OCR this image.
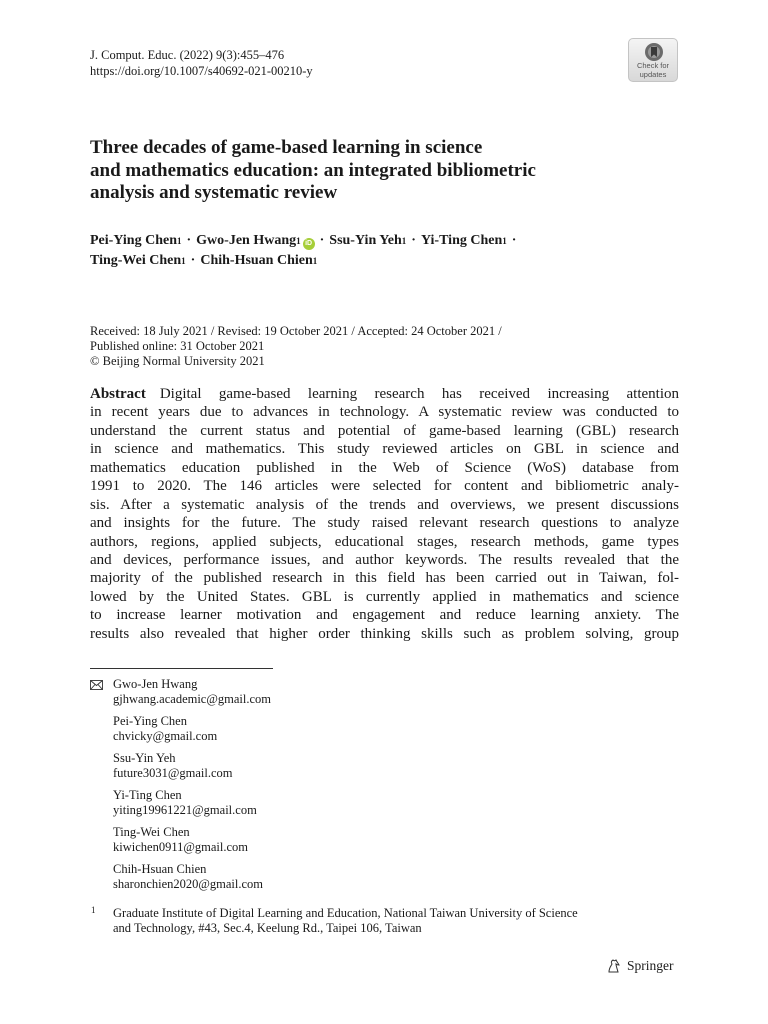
J. Comput. Educ. (2022) 9(3):455–476
https://doi.org/10.1007/s40692-021-00210-y	Check for
updates
Three decades of game-based learning in science
and mathematics education: an integrated bibliometric
analysis and systematic review
Pei-Ying Chen 1 · Gwo-Jen Hwang 1 iD · Ssu-Yin Yeh 1 · Yi-Ting Chen 1 ·
Ting-Wei Chen 1 · Chih-Hsuan Chien 1
Received: 18 July 2021 / Revised: 19 October 2021 / Accepted: 24 October 2021 /
Published online: 31 October 2021
© Beijing Normal University 2021
Abstract Digital game-based learning research has received increasing attention
in recent years due to advances in technology. A systematic review was conducted to
understand the current status and potential of game-based learning (GBL) research
in science and mathematics. This study reviewed articles on GBL in science and
mathematics education published in the Web of Science (WoS) database from
1991 to 2020. The 146 articles were selected for content and bibliometric analy-
sis. After a systematic analysis of the trends and overviews, we present discussions
and insights for the future. The study raised relevant research questions to analyze
authors, regions, applied subjects, educational stages, research methods, game types
and devices, performance issues, and author keywords. The results revealed that the
majority of the published research in this field has been carried out in Taiwan, fol-
lowed by the United States. GBL is currently applied in mathematics and science
to increase learner motivation and engagement and reduce learning anxiety. The
results also revealed that higher order thinking skills such as problem solving, group
Gwo-Jen Hwang
gjhwang.academic@gmail.com
Pei-Ying Chen
chvicky@gmail.com
Ssu-Yin Yeh
future3031@gmail.com
Yi-Ting Chen
yiting19961221@gmail.com
Ting-Wei Chen
kiwichen0911@gmail.com
Chih-Hsuan Chien
sharonchien2020@gmail.com
1 Graduate Institute of Digital Learning and Education, National Taiwan University of Science
and Technology, #43, Sec.4, Keelung Rd., Taipei 106, Taiwan
Springer
